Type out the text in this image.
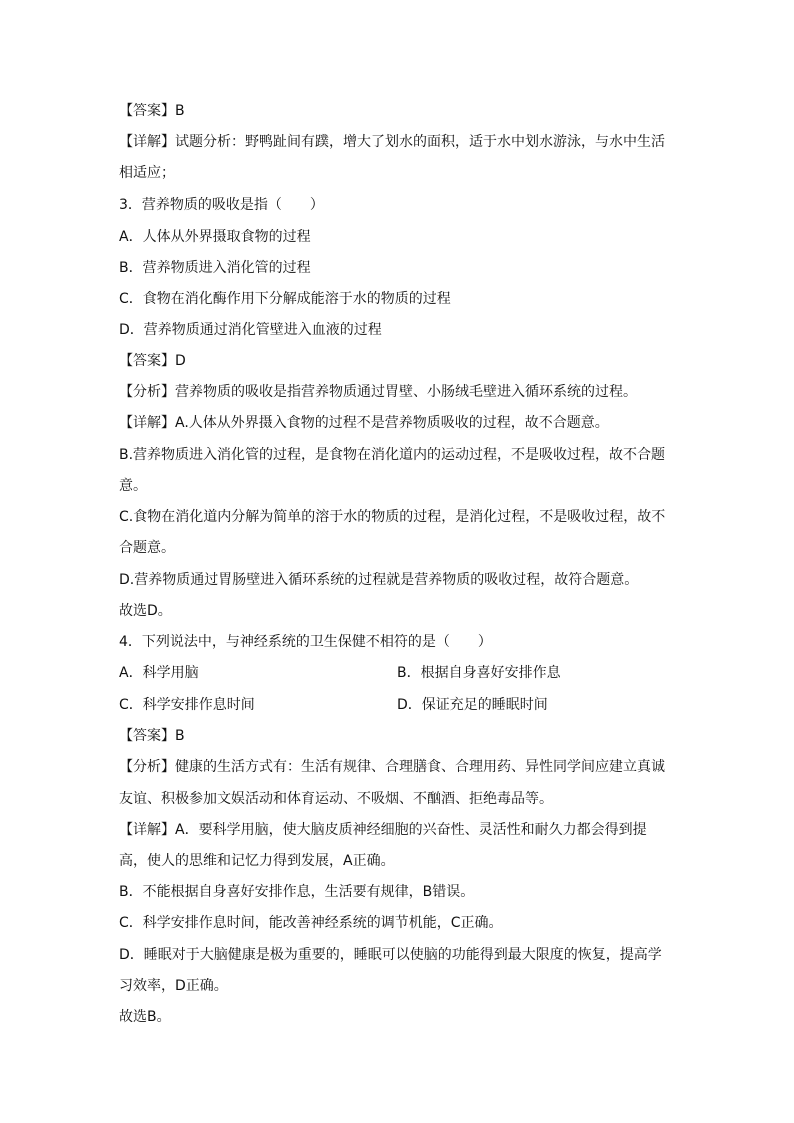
【答案】B
【详解】试题分析：野鸭趾间有蹼，增大了划水的面积，适于水中划水游泳，与水中生活
相适应；
3．营养物质的吸收是指（　　）
A．人体从外界摄取食物的过程
B．营养物质进入消化管的过程
C．食物在消化酶作用下分解成能溶于水的物质的过程
D．营养物质通过消化管壁进入血液的过程
【答案】D
【分析】营养物质的吸收是指营养物质通过胃壁、小肠绒毛壁进入循环系统的过程。
【详解】A.人体从外界摄入食物的过程不是营养物质吸收的过程，故不合题意。
B.营养物质进入消化管的过程，是食物在消化道内的运动过程，不是吸收过程，故不合题
意。
C.食物在消化道内分解为简单的溶于水的物质的过程，是消化过程，不是吸收过程，故不
合题意。
D.营养物质通过胃肠壁进入循环系统的过程就是营养物质的吸收过程，故符合题意。
故选D。
4．下列说法中，与神经系统的卫生保健不相符的是（　　）
A．科学用脑	B．根据自身喜好安排作息
C．科学安排作息时间	D．保证充足的睡眠时间
【答案】B
【分析】健康的生活方式有：生活有规律、合理膳食、合理用药、异性同学间应建立真诚
友谊、积极参加文娱活动和体育运动、不吸烟、不酗酒、拒绝毒品等。
【详解】A．要科学用脑，使大脑皮质神经细胞的兴奋性、灵活性和耐久力都会得到提
高，使人的思维和记忆力得到发展，A正确。
B．不能根据自身喜好安排作息，生活要有规律，B错误。
C．科学安排作息时间，能改善神经系统的调节机能，C正确。
D．睡眠对于大脑健康是极为重要的，睡眠可以使脑的功能得到最大限度的恢复，提高学
习效率，D正确。
故选B。
